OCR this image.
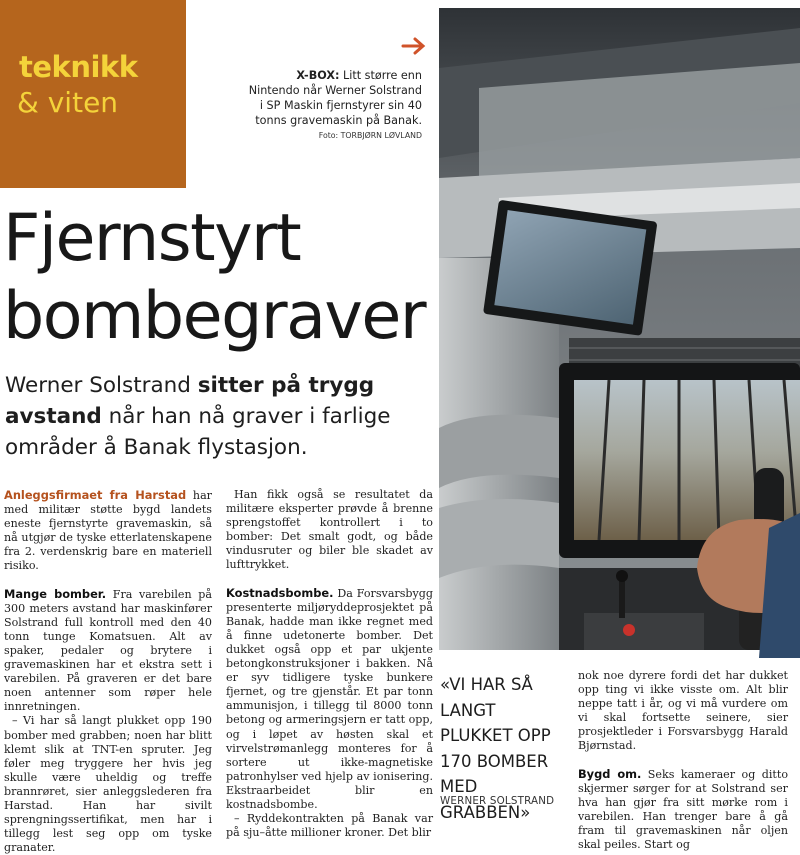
teknikk
& viten
X-BOX: Litt større enn
Nintendo når Werner Solstrand
i SP Maskin fjernstyrer sin 40
tonns gravemaskin på Banak.
Foto: TORBJØRN LØVLAND
Fjernstyrt
bombegraver
Werner Solstrand sitter på trygg avstand når han nå graver i farlige områder å Banak flystasjon.

Anleggsfirmaet fra Harstad har med militær støtte bygd landets eneste fjernstyrte gravemaskin, så nå utgjør de tyske etterlatenskapene fra 2. verdenskrig bare en materiell risiko.

Mange bomber. Fra varebilen på 300 meters avstand har maskinfører Solstrand full kontroll med den 40 tonn tunge Komatsuen. Alt av spaker, pedaler og brytere i gravemaskinen har et ekstra sett i varebilen. På graveren er det bare noen antenner som røper hele innretningen.

– Vi har så langt plukket opp 190 bomber med grabben; noen har blitt klemt slik at TNT-en spruter. Jeg føler meg tryggere her hvis jeg skulle være uheldig og treffe brannrøret, sier anleggslederen fra Harstad. Han har sivilt sprengningssertifikat, men har i tillegg lest seg opp om tyske granater.

Han fikk også se resultatet da militære eksperter prøvde å brenne sprengstoffet kontrollert i to bomber: Det smalt godt, og både vindusruter og biler ble skadet av lufttrykket.

Kostnadsbombe. Da Forsvarsbygg presenterte miljøryddeprosjektet på Banak, hadde man ikke regnet med å finne udetonerte bomber. Det dukket også opp et par ukjente betongkonstruksjoner i bakken. Nå er syv tidligere tyske bunkere fjernet, og tre gjenstår. Et par tonn ammunisjon, i tillegg til 8000 tonn betong og armeringsjern er tatt opp, og i løpet av høsten skal et virvelstrømanlegg monteres for å sortere ut ikke-magnetiske patronhylser ved hjelp av ionisering. Ekstraarbeidet blir en kostnadsbombe.

– Ryddekontrakten på Banak var på sju–åtte millioner kroner. Det blir

«VI HAR SÅ LANGT PLUKKET OPP 170 BOMBER MED GRABBEN»
WERNER SOLSTRAND

nok noe dyrere fordi det har dukket opp ting vi ikke visste om. Alt blir neppe tatt i år, og vi må vurdere om vi skal fortsette seinere, sier prosjektleder i Forsvarsbygg Harald Bjørnstad.

Bygd om. Seks kameraer og ditto skjermer sørger for at Solstrand ser hva han gjør fra sitt mørke rom i varebilen. Han trenger bare å gå fram til gravemaskinen når oljen skal peiles. Start og
